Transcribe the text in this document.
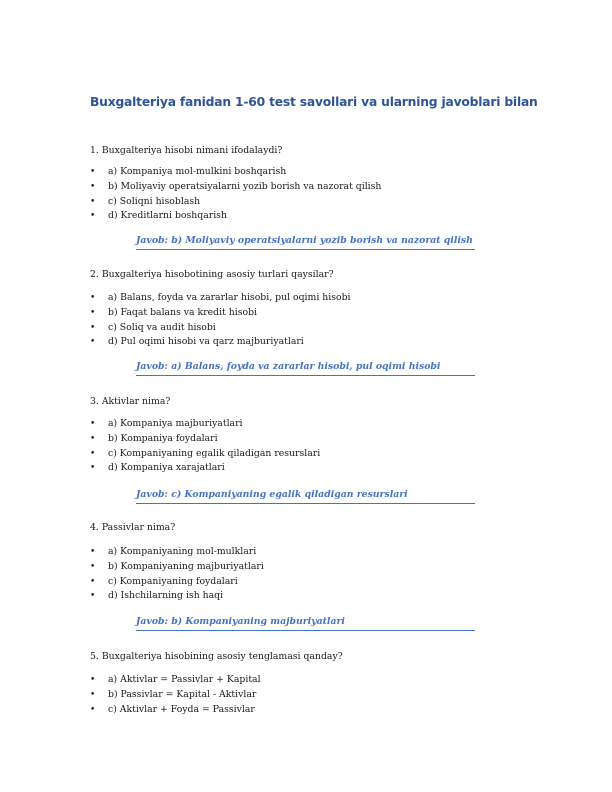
Buxgalteriya fanidan 1-60 test savollari va ularning javoblari bilan
1. Buxgalteriya hisobi nimani ifodalaydi?
• a) Kompaniya mol-mulkini boshqarish
• b) Moliyaviy operatsiyalarni yozib borish va nazorat qilish
• c) Soliqni hisoblash
• d) Kreditlarni boshqarish
Javob: b) Moliyaviy operatsiyalarni yozib borish va nazorat qilish
2. Buxgalteriya hisobotining asosiy turlari qaysilar?
• a) Balans, foyda va zararlar hisobi, pul oqimi hisobi
• b) Faqat balans va kredit hisobi
• c) Soliq va audit hisobi
• d) Pul oqimi hisobi va qarz majburiyatlari
Javob: a) Balans, foyda va zararlar hisobi, pul oqimi hisobi
3. Aktivlar nima?
• a) Kompaniya majburiyatlari
• b) Kompaniya foydalari
• c) Kompaniyaning egalik qiladigan resurslari
• d) Kompaniya xarajatlari
Javob: c) Kompaniyaning egalik qiladigan resurslari
4. Passivlar nima?
• a) Kompaniyaning mol-mulklari
• b) Kompaniyaning majburiyatlari
• c) Kompaniyaning foydalari
• d) Ishchilarning ish haqi
Javob: b) Kompaniyaning majburiyatlari
5. Buxgalteriya hisobining asosiy tenglamasi qanday?
• a) Aktivlar = Passivlar + Kapital
• b) Passivlar = Kapital - Aktivlar
• c) Aktivlar + Foyda = Passivlar
